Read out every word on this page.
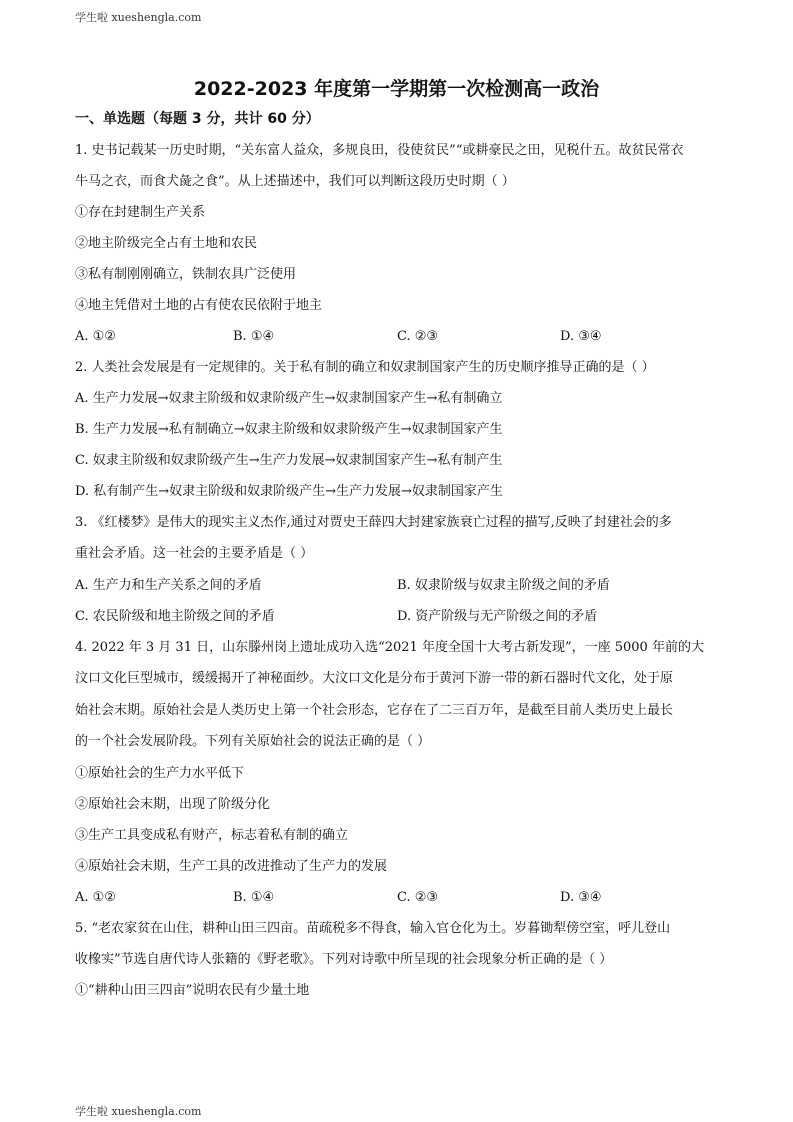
学生啦 xueshengla.com
2022-2023 年度第一学期第一次检测高一政治
一、单选题（每题 3 分，共计 60 分）
1. 史书记载某一历史时期，“关东富人益众，多规良田，役使贫民”“或耕豪民之田，见税什五。故贫民常衣
牛马之衣，而食犬彘之食”。从上述描述中，我们可以判断这段历史时期（ ）
①存在封建制生产关系
②地主阶级完全占有土地和农民
③私有制刚刚确立，铁制农具广泛使用
④地主凭借对土地的占有使农民依附于地主
A. ①②	B. ①④	C. ②③	D. ③④
2. 人类社会发展是有一定规律的。关于私有制的确立和奴隶制国家产生的历史顺序推导正确的是（ ）
A. 生产力发展→奴隶主阶级和奴隶阶级产生→奴隶制国家产生→私有制确立
B. 生产力发展→私有制确立→奴隶主阶级和奴隶阶级产生→奴隶制国家产生
C. 奴隶主阶级和奴隶阶级产生→生产力发展→奴隶制国家产生→私有制产生
D. 私有制产生→奴隶主阶级和奴隶阶级产生→生产力发展→奴隶制国家产生
3. 《红楼梦》是伟大的现实主义杰作,通过对贾史王薛四大封建家族衰亡过程的描写,反映了封建社会的多
重社会矛盾。这一社会的主要矛盾是（ ）
A. 生产力和生产关系之间的矛盾	B. 奴隶阶级与奴隶主阶级之间的矛盾
C. 农民阶级和地主阶级之间的矛盾	D. 资产阶级与无产阶级之间的矛盾
4. 2022 年 3 月 31 日，山东滕州岗上遗址成功入选“2021 年度全国十大考古新发现”，一座 5000 年前的大
汶口文化巨型城市，缓缓揭开了神秘面纱。大汶口文化是分布于黄河下游一带的新石器时代文化，处于原
始社会末期。原始社会是人类历史上第一个社会形态，它存在了二三百万年，是截至目前人类历史上最长
的一个社会发展阶段。下列有关原始社会的说法正确的是（ ）
①原始社会的生产力水平低下
②原始社会末期，出现了阶级分化
③生产工具变成私有财产，标志着私有制的确立
④原始社会末期，生产工具的改进推动了生产力的发展
A. ①②	B. ①④	C. ②③	D. ③④
5. “老农家贫在山住，耕种山田三四亩。苗疏税多不得食，输入官仓化为土。岁暮锄犁傍空室，呼儿登山
收橡实”节选自唐代诗人张籍的《野老歌》。下列对诗歌中所呈现的社会现象分析正确的是（ ）
①“耕种山田三四亩”说明农民有少量土地
学生啦 xueshengla.com
